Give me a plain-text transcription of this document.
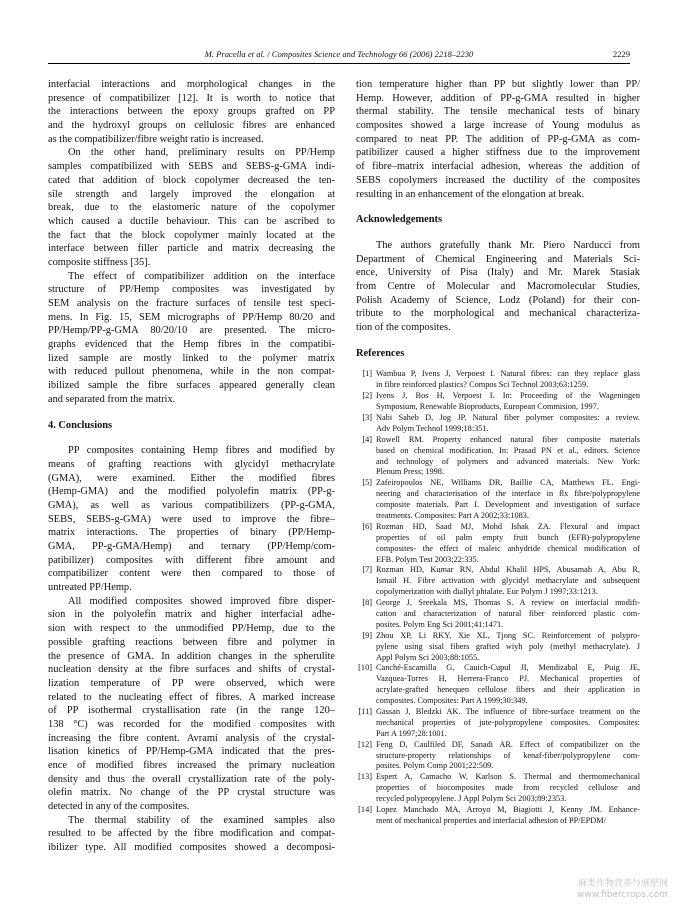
M. Pracella et al. / Composites Science and Technology 66 (2006) 2218–2230	2229
interfacial interactions and morphological changes in the
presence of compatibilizer [12]. It is worth to notice that
the interactions between the epoxy groups grafted on PP
and the hydroxyl groups on cellulosic fibres are enhanced
as the compatibilizer/fibre weight ratio is increased.
On the other hand, preliminary results on PP/Hemp
samples compatibilized with SEBS and SEBS-g-GMA indi-
cated that addition of block copolymer decreased the ten-
sile strength and largely improved the elongation at
break, due to the elastomeric nature of the copolymer
which caused a ductile behaviour. This can be ascribed to
the fact that the block copolymer mainly located at the
interface between filler particle and matrix decreasing the
composite stiffness [35].
The effect of compatibilizer addition on the interface
structure of PP/Hemp composites was investigated by
SEM analysis on the fracture surfaces of tensile test speci-
mens. In Fig. 15, SEM micrographs of PP/Hemp 80/20 and
PP/Hemp/PP-g-GMA 80/20/10 are presented. The micro-
graphs evidenced that the Hemp fibres in the compatibi-
lized sample are mostly linked to the polymer matrix
with reduced pullout phenomena, while in the non compat-
ibilized sample the fibre surfaces appeared generally clean
and separated from the matrix.
4. Conclusions
PP composites containing Hemp fibres and modified by
means of grafting reactions with glycidyl methacrylate
(GMA), were examined. Either the modified fibres
(Hemp-GMA) and the modified polyolefin matrix (PP-g-
GMA), as well as various compatibilizers (PP-g-GMA,
SEBS, SEBS-g-GMA) were used to improve the fibre–
matrix interactions. The properties of binary (PP/Hemp-
GMA, PP-g-GMA/Hemp) and ternary (PP/Hemp/com-
patibilizer) composites with different fibre amount and
compatibilizer content were then compared to those of
untreated PP/Hemp.
All modified composites showed improved fibre disper-
sion in the polyolefin matrix and higher interfacial adhe-
sion with respect to the unmodified PP/Hemp, due to the
possible grafting reactions between fibre and polymer in
the presence of GMA. In addition changes in the spherulite
nucleation density at the fibre surfaces and shifts of crystal-
lization temperature of PP were observed, which were
related to the nucleating effect of fibres. A marked increase
of PP isothermal crystallisation rate (in the range 120–
138 °C) was recorded for the modified composites with
increasing the fibre content. Avrami analysis of the crystal-
lisation kinetics of PP/Hemp-GMA indicated that the pres-
ence of modified fibres increased the primary nucleation
density and thus the overall crystallization rate of the poly-
olefin matrix. No change of the PP crystal structure was
detected in any of the composites.
The thermal stability of the examined samples also
resulted to be affected by the fibre modification and compat-
ibilizer type. All modified composites showed a decomposi-
tion temperature higher than PP but slightly lower than PP/
Hemp. However, addition of PP-g-GMA resulted in higher
thermal stability. The tensile mechanical tests of binary
composites showed a large increase of Young modulus as
compared to neat PP. The addition of PP-g-GMA as com-
patibilizer caused a higher stiffness due to the improvement
of fibre–matrix interfacial adhesion, whereas the addition of
SEBS copolymers increased the ductility of the composites
resulting in an enhancement of the elongation at break.
Acknowledgements
The authors gratefully thank Mr. Piero Narducci from
Department of Chemical Engineering and Materials Sci-
ence, University of Pisa (Italy) and Mr. Marek Stasiak
from Centre of Molecular and Macromolecular Studies,
Polish Academy of Science, Lodz (Poland) for their con-
tribute to the morphological and mechanical characteriza-
tion of the composites.
References
[1] Wambua P, Ivens J, Verpoest I. Natural fibres: can they replace glass
in fibre reinforced plastics? Compos Sci Technol 2003;63:1259.
[2] Ivens J, Bos H, Verpoest I. In: Proceeding of the Wageningen
Symposium, Renewable Bioproducts, European Commision, 1997.
[3] Nabi Saheb D, Jog JP. Natural fiber polymer composites: a review.
Adv Polym Technol 1999;18:351.
[4] Rowell RM. Property enhanced natural fiber composite materials
based on chemical modification. In: Prasad PN et al., editors. Science
and technology of polymers and advanced materials. New York:
Plenum Press; 1998.
[5] Zafeiropoulos NE, Williams DR, Baillie CA, Matthews FL. Engi-
neering and characterisation of the interface in flx fibre/polypropylene
composite materials. Part I. Development and investigation of surface
treatments. Composites: Part A 2002;33:1083.
[6] Rozman HD, Saad MJ, Mohd Ishak ZA. Flexural and impact
properties of oil palm empty fruit bunch (EFB)-polypropylene
composites- the effect of maleic anhydride chemical modification of
EFB. Polym Test 2003;22:335.
[7] Rozman HD, Kumar RN, Abdul Khalil HPS, Abusamah A, Abu R,
Ismail H. Fibre activation with glycidyl methacrylate and subsequent
copolymerization with diallyl phtalate. Eur Polym J 1997;33:1213.
[8] George J, Sreekala MS, Thomas S. A review on interfacial modifi-
cation and characterization of natural fiber reinforced plastic com-
posites. Polym Eng Sci 2001;41:1471.
[9] Zhou XP, Li RKY, Xie XL, Tjong SC. Reinforcement of polypro-
pylene using sisal fibers grafted wiyh poly (methyl methacrylate). J
Appl Polym Sci 2003;88:1055.
[10] Canché-Escamilla G, Cauich-Cupul JI, Mendizabal E, Puig JE,
Vazquea-Torres H, Herrera-Franco PJ. Mechanical properties of
acrylate-grafted henequen cellulose fibers and their application in
composites. Composites: Part A 1999;30:349.
[11] Gassan J, Bledzki AK. The influence of fibre-surface treatment on the
mechanical properties of jute-polypropylene composites. Composites:
Part A 1997;28:1001.
[12] Feng D, Caulfiled DF, Sanadi AR. Effect of compatibilizer on the
structure-property relationships of kenaf-fiber/polypropylene com-
posites. Polym Comp 2001;22:509.
[13] Espert A, Camacho W, Karlson S. Thermal and thermomechanical
properties of biocomposites made from recycled cellulose and
recycled polypropylene. J Appl Polym Sci 2003;89:2353.
[14] Lopez Manchado MA, Arroyo M, Biagiotti J, Kenny JM. Enhance-
ment of mechanical properties and interfacial adhesion of PP/EPDM/
麻类作物营养与施肥网
www.fibercrops.com
